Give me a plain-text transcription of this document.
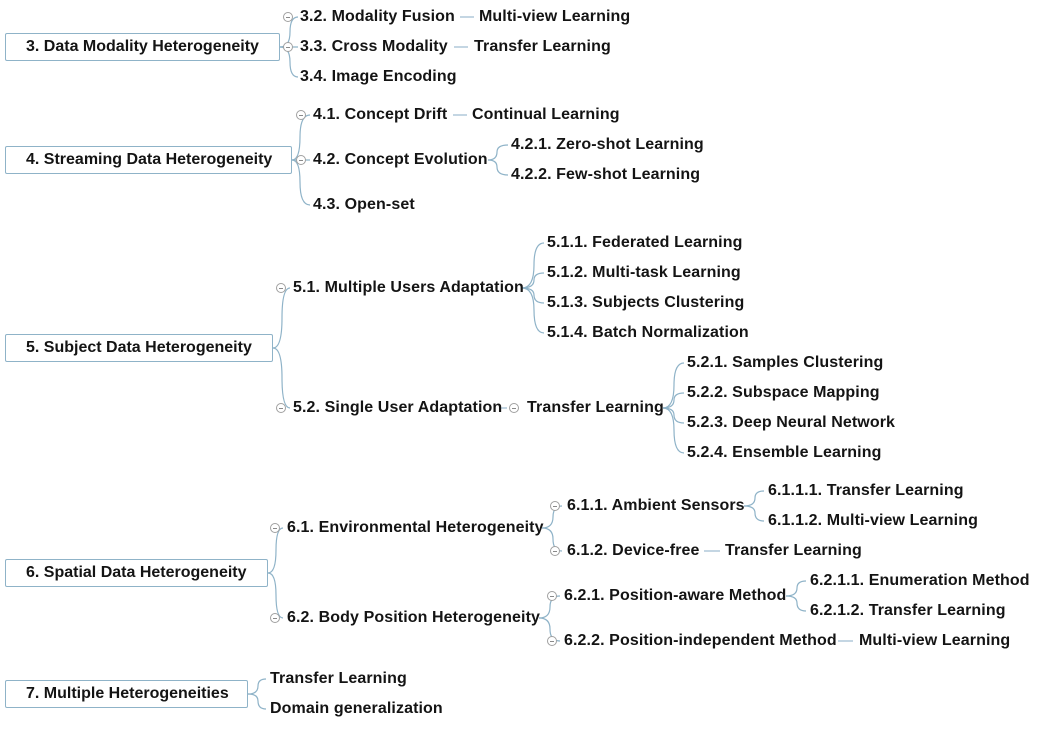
3. Data Modality Heterogeneity
4. Streaming Data Heterogeneity
5. Subject Data Heterogeneity
6. Spatial Data Heterogeneity
7. Multiple Heterogeneities
3.2. Modality Fusion Multi-view Learning
3.3. Cross Modality Transfer Learning
3.4. Image Encoding
4.1. Concept Drift Continual Learning
4.2. Concept Evolution
4.2.1. Zero-shot Learning
4.2.2. Few-shot Learning
4.3. Open-set
5.1. Multiple Users Adaptation
5.1.1. Federated Learning
5.1.2. Multi-task Learning
5.1.3. Subjects Clustering
5.1.4. Batch Normalization
5.2. Single User Adaptation Transfer Learning
5.2.1. Samples Clustering
5.2.2. Subspace Mapping
5.2.3. Deep Neural Network
5.2.4. Ensemble Learning
6.1. Environmental Heterogeneity
6.1.1. Ambient Sensors
6.1.1.1. Transfer Learning
6.1.1.2. Multi-view Learning
6.1.2. Device-free Transfer Learning
6.2. Body Position Heterogeneity
6.2.1. Position-aware Method
6.2.1.1. Enumeration Method
6.2.1.2. Transfer Learning
6.2.2. Position-independent Method Multi-view Learning
Transfer Learning
Domain generalization
